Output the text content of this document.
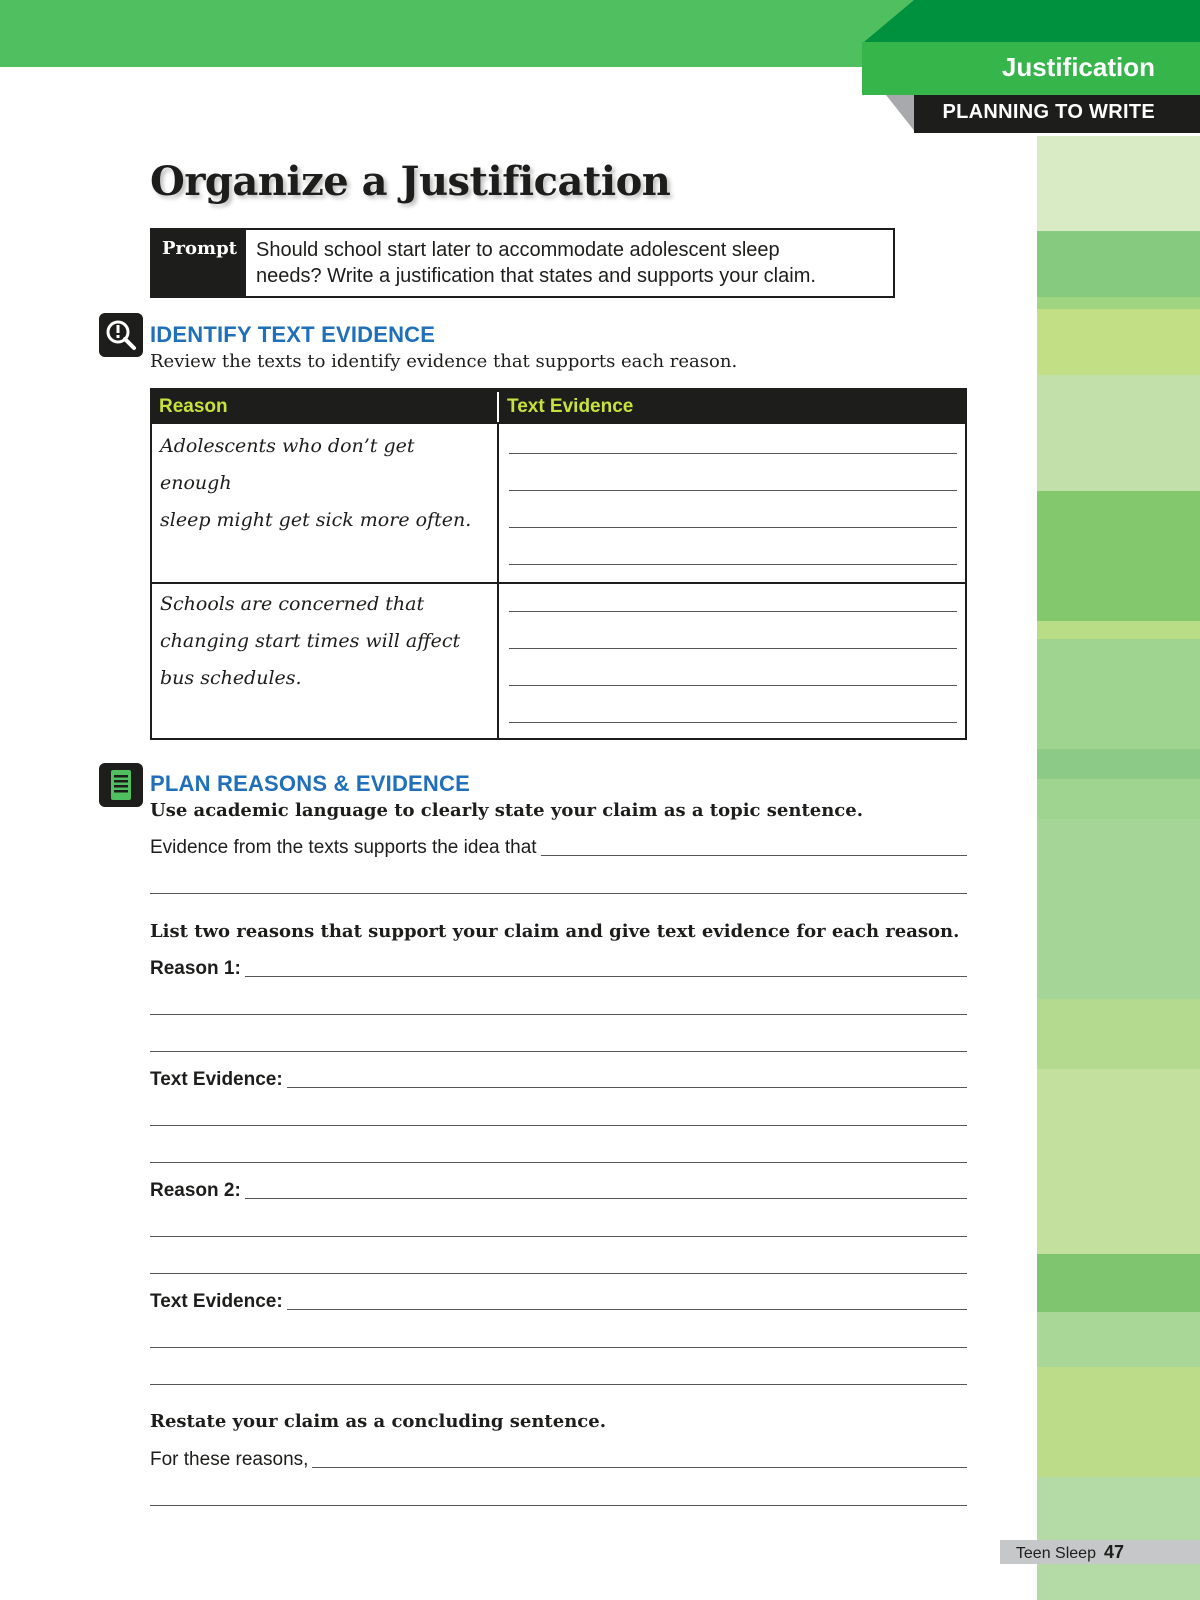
Justification
PLANNING TO WRITE
Organize a Justification
Prompt Should school start later to accommodate adolescent sleep
needs? Write a justification that states and supports your claim.
IDENTIFY TEXT EVIDENCE
Review the texts to identify evidence that supports each reason.
Reason	Text Evidence
Adolescents who don’t get enough
sleep might get sick more often.
Schools are concerned that
changing start times will affect
bus schedules.
PLAN REASONS & EVIDENCE
Use academic language to clearly state your claim as a topic sentence.
Evidence from the texts supports the idea that
List two reasons that support your claim and give text evidence for each reason.
Reason 1:
Text Evidence:
Reason 2:
Text Evidence:
Restate your claim as a concluding sentence.
For these reasons,
Teen Sleep 47
